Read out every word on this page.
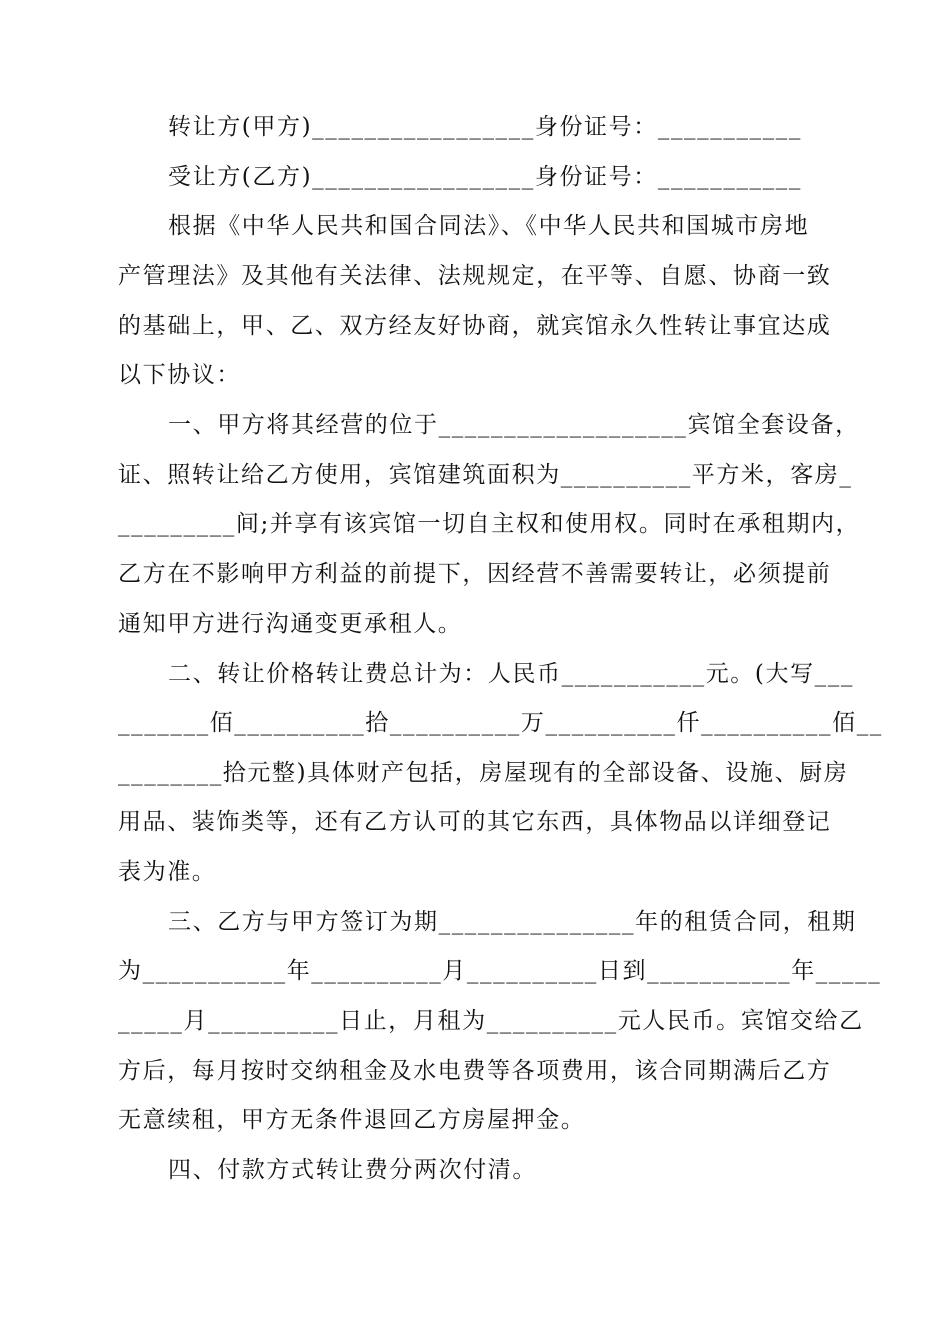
转让方(甲方)_________________身份证号：___________
受让方(乙方)_________________身份证号：___________
根据《中华人民共和国合同法》、《中华人民共和国城市房地
产管理法》及其他有关法律、法规规定，在平等、自愿、协商一致
的基础上，甲、乙、双方经友好协商，就宾馆永久性转让事宜达成
以下协议：
一、甲方将其经营的位于___________________宾馆全套设备，
证、照转让给乙方使用，宾馆建筑面积为__________平方米，客房_
_________间;并享有该宾馆一切自主权和使用权。同时在承租期内，
乙方在不影响甲方利益的前提下，因经营不善需要转让，必须提前
通知甲方进行沟通变更承租人。
二、转让价格转让费总计为：人民币___________元。(大写___
_______佰__________拾__________万__________仟__________佰__
________拾元整)具体财产包括，房屋现有的全部设备、设施、厨房
用品、装饰类等，还有乙方认可的其它东西，具体物品以详细登记
表为准。
三、乙方与甲方签订为期_______________年的租赁合同，租期
为___________年__________月__________日到___________年_____
_____月__________日止，月租为__________元人民币。宾馆交给乙
方后，每月按时交纳租金及水电费等各项费用，该合同期满后乙方
无意续租，甲方无条件退回乙方房屋押金。
四、付款方式转让费分两次付清。
